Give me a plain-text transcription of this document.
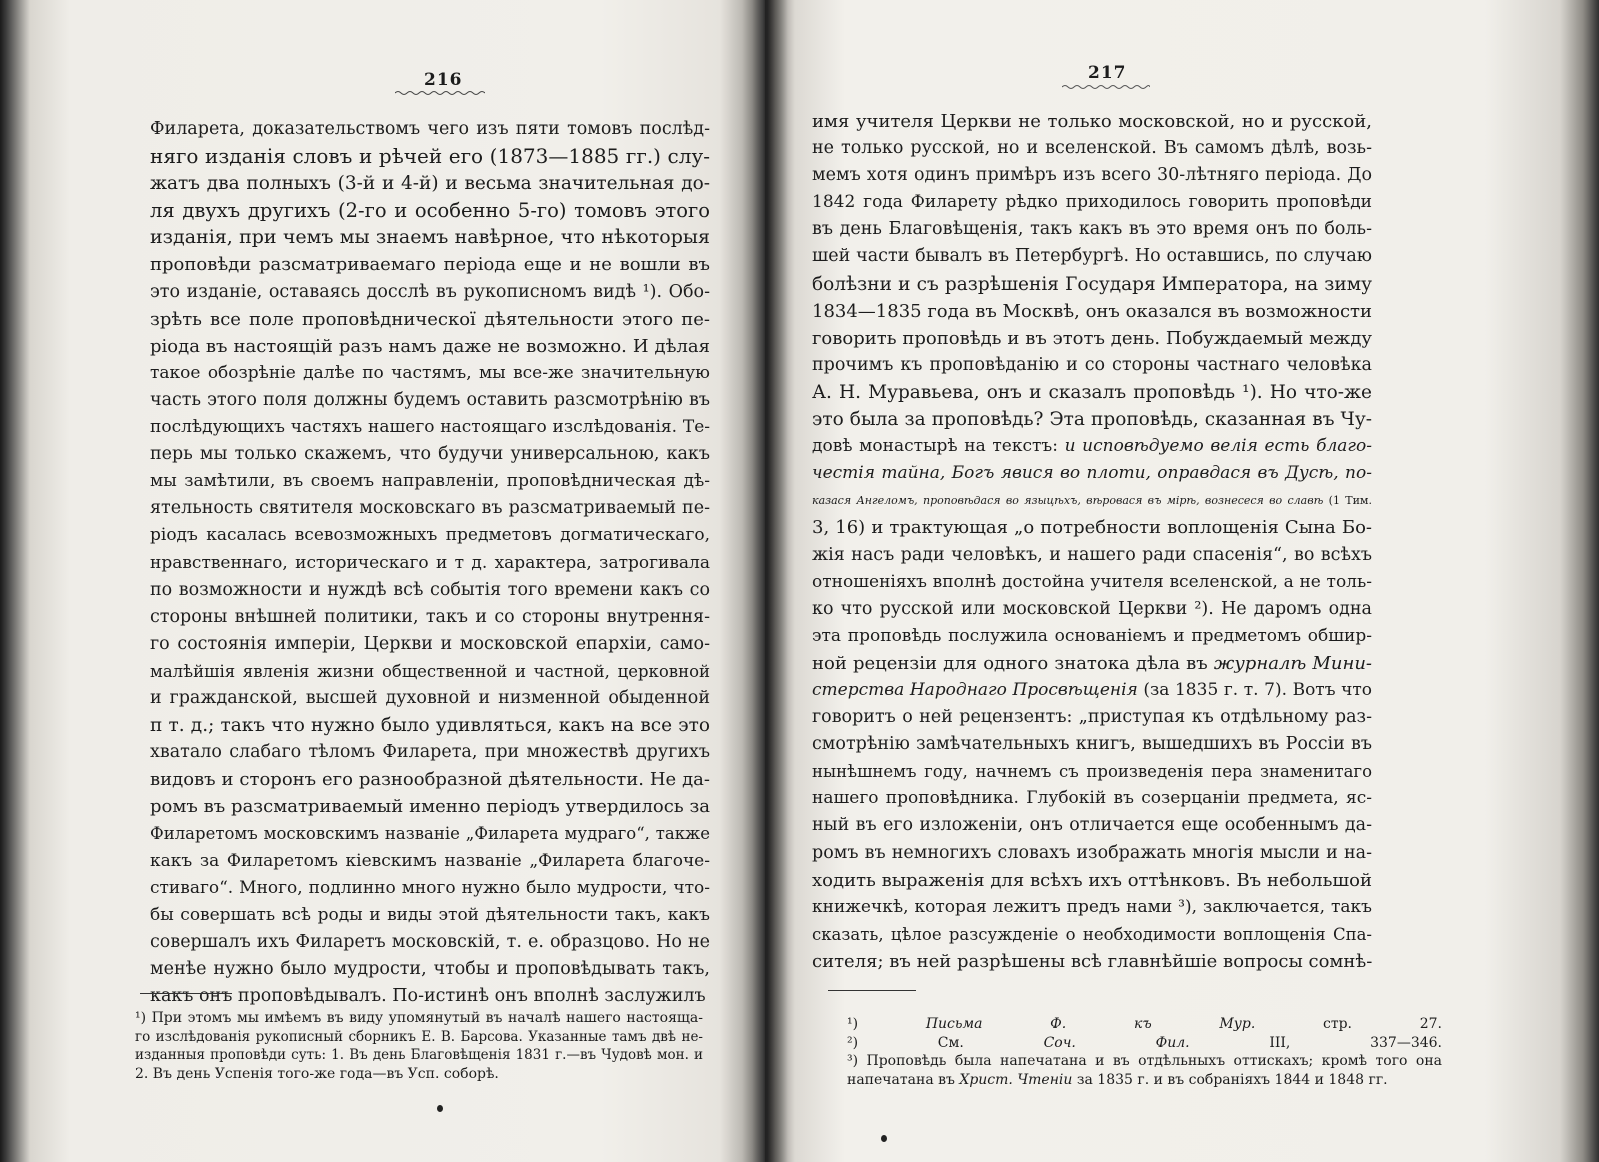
216
Филарета, доказательствомъ чего изъ пяти томовъ послѣд-
няго изданія словъ и рѣчей его (1873—1885 гг.) слу-
жатъ два полныхъ (3-й и 4-й) и весьма значительная до-
ля двухъ другихъ (2-го и особенно 5-го) томовъ этого
изданія, при чемъ мы знаемъ навѣрное, что нѣкоторыя
проповѣди разсматриваемаго періода еще и не вошли въ
это изданіе, оставаясь досслѣ въ рукописномъ видѣ ¹). Обо-
зрѣть все поле проповѣдническої дѣятельности этого пе-
ріода въ настоящій разъ намъ даже не возможно. И дѣлая
такое обозрѣніе далѣе по частямъ, мы все-же значительную
часть этого поля должны будемъ оставить разсмотрѣнію въ
послѣдующихъ частяхъ нашего настоящаго изслѣдованія. Те-
перь мы только скажемъ, что будучи универсальною, какъ
мы замѣтили, въ своемъ направленіи, проповѣдническая дѣ-
ятельность святителя московскаго въ разсматриваемый пе-
ріодъ касалась всевозможныхъ предметовъ догматическаго,
нравственнаго, историческаго и т д. характера, затрогивала
по возможности и нуждѣ всѣ событія того времени какъ со
стороны внѣшней политики, такъ и со стороны внутрення-
го состоянія имперіи, Церкви и московской епархіи, само-
малѣйшія явленія жизни общественной и частной, церковной
и гражданской, высшей духовной и низменной обыденной
п т. д.; такъ что нужно было удивляться, какъ на все это
хватало слабаго тѣломъ Филарета, при множествѣ другихъ
видовъ и сторонъ его разнообразной дѣятельности. Не да-
ромъ въ разсматриваемый именно періодъ утвердилось за
Филаретомъ московскимъ названіе „Филарета мудраго“, также
какъ за Филаретомъ кіевскимъ названіе „Филарета благоче-
стиваго“. Много, подлинно много нужно было мудрости, что-
бы совершать всѣ роды и виды этой дѣятельности такъ, какъ
совершалъ ихъ Филаретъ московскій, т. е. образцово. Но не
менѣе нужно было мудрости, чтобы и проповѣдывать такъ,
какъ онъ проповѣдывалъ. По-истинѣ онъ вполнѣ заслужилъ
¹) При этомъ мы имѣемъ въ виду упомянутый въ началѣ нашего настояща-
го изслѣдованія рукописный сборникъ Е. В. Барсова. Указанные тамъ двѣ не-
изданныя проповѣди суть: 1. Въ день Благовѣщенія 1831 г.—въ Чудовѣ мон. и
2. Въ день Успенія того-же года—въ Усп. соборѣ.
217
имя учителя Церкви не только московской, но и русской,
не только русской, но и вселенской. Въ самомъ дѣлѣ, возь-
мемъ хотя одинъ примѣръ изъ всего 30-лѣтняго періода. До
1842 года Филарету рѣдко приходилось говорить проповѣди
въ день Благовѣщенія, такъ какъ въ это время онъ по боль-
шей части бывалъ въ Петербургѣ. Но оставшись, по случаю
болѣзни и съ разрѣшенія Государя Императора, на зиму
1834—1835 года въ Москвѣ, онъ оказался въ возможности
говорить проповѣдь и въ этотъ день. Побуждаемый между
прочимъ къ проповѣданію и со стороны частнаго человѣка
А. Н. Муравьева, онъ и сказалъ проповѣдь ¹). Но что-же
это была за проповѣдь? Эта проповѣдь, сказанная въ Чу-
довѣ монастырѣ на текстъ: и исповѣдуемо велія есть благо-
честія тайна, Богъ явися во плоти, оправдася въ Дусѣ, по-
казася Ангеломъ, проповѣдася во языцѣхъ, вѣровася въ мірѣ, вознесеся во славѣ (1 Тим.
3, 16) и трактующая „о потребности воплощенія Сына Бо-
жія насъ ради человѣкъ, и нашего ради спасенія“, во всѣхъ
отношеніяхъ вполнѣ достойна учителя вселенской, а не толь-
ко что русской или московской Церкви ²). Не даромъ одна
эта проповѣдь послужила основаніемъ и предметомъ обшир-
ной рецензіи для одного знатока дѣла въ журналѣ Мини-
стерства Народнаго Просвѣщенія (за 1835 г. т. 7). Вотъ что
говоритъ о ней рецензентъ: „приступая къ отдѣльному раз-
смотрѣнію замѣчательныхъ книгъ, вышедшихъ въ Россіи въ
нынѣшнемъ году, начнемъ съ произведенія пера знаменитаго
нашего проповѣдника. Глубокій въ созерцаніи предмета, яс-
ный въ его изложеніи, онъ отличается еще особеннымъ да-
ромъ въ немногихъ словахъ изображать многія мысли и на-
ходить выраженія для всѣхъ ихъ оттѣнковъ. Въ небольшой
книжечкѣ, которая лежитъ предъ нами ³), заключается, такъ
сказать, цѣлое разсужденіе о необходимости воплощенія Спа-
сителя; въ ней разрѣшены всѣ главнѣйшіе вопросы сомнѣ-
¹) Письма Ф. къ Мур. стр. 27.
²) См. Соч. Фил. III, 337—346.
³) Проповѣдь была напечатана и въ отдѣльныхъ оттискахъ; кромѣ того она
напечатана въ Христ. Чтеніи за 1835 г. и въ собраніяхъ 1844 и 1848 гг.
